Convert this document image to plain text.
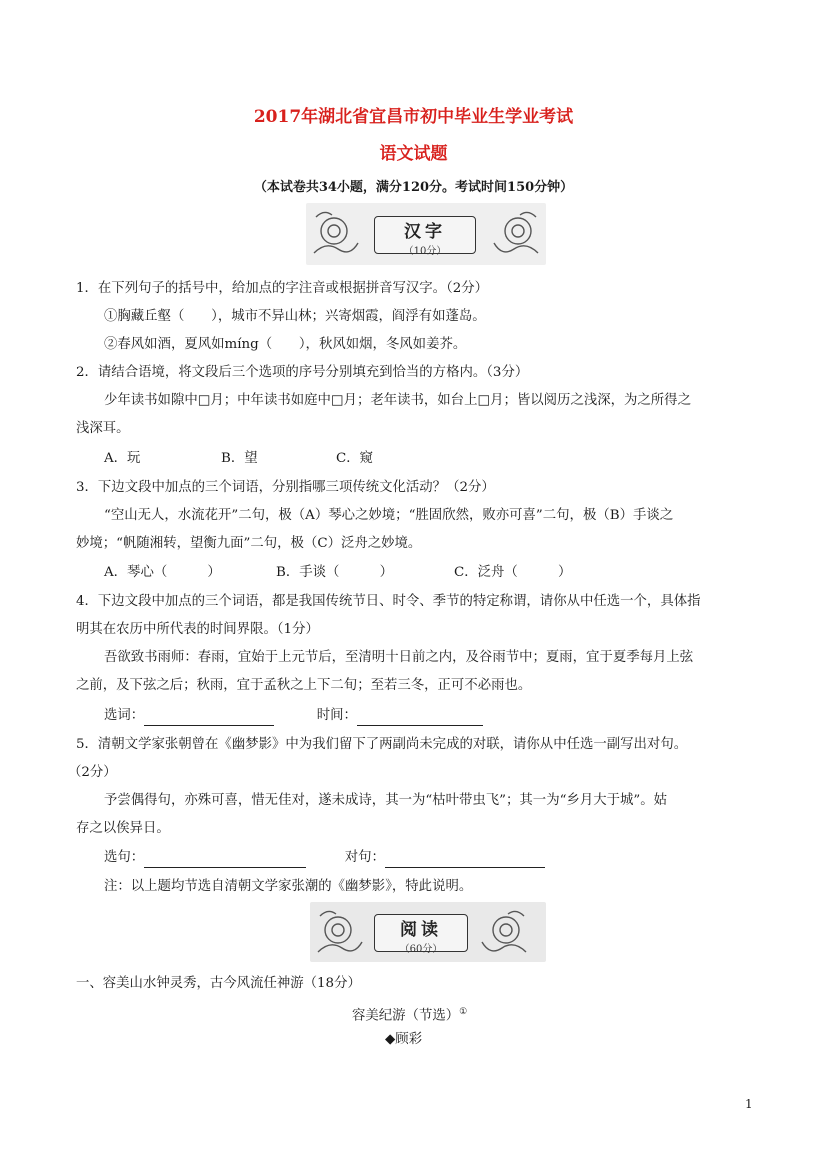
2017年湖北省宜昌市初中毕业生学业考试
语文试题
（本试卷共34小题，满分120分。考试时间150分钟）
汉字
（10分）
1．在下列句子的括号中，给加点的字注音或根据拼音写汉字。（2分）
①胸藏丘壑（　　），城市不异山林；兴寄烟霞，阎浮有如蓬岛。
②春风如酒，夏风如míng（　　），秋风如烟，冬风如姜芥。
2．请结合语境，将文段后三个选项的序号分别填充到恰当的方格内。（3分）
少年读书如隙中□月；中年读书如庭中□月；老年读书，如台上□月；皆以阅历之浅深，为之所得之
浅深耳。
A．玩	B．望	C．窥
3．下边文段中加点的三个词语，分别指哪三项传统文化活动？（2分）
“空山无人，水流花开”二句，极（A）琴心之妙境；“胜固欣然，败亦可喜”二句，极（B）手谈之
妙境；“帆随湘转，望衡九面”二句，极（C）泛舟之妙境。
A．琴心（　　　）	B．手谈（　　　）	C．泛舟（　　　）
4．下边文段中加点的三个词语，都是我国传统节日、时令、季节的特定称谓，请你从中任选一个，具体指
明其在农历中所代表的时间界限。（1分）
吾欲致书雨师：春雨，宜始于上元节后，至清明十日前之内，及谷雨节中；夏雨，宜于夏季每月上弦
之前，及下弦之后；秋雨，宜于孟秋之上下二旬；至若三冬，正可不必雨也。
选词：	时间：
5．清朝文学家张朝曾在《幽梦影》中为我们留下了两副尚未完成的对联，请你从中任选一副写出对句。
（2分）
予尝偶得句，亦殊可喜，惜无佳对，遂未成诗，其一为“枯叶带虫飞”；其一为“乡月大于城”。姑
存之以俟异日。
选句：	对句：
注：以上题均节选自清朝文学家张潮的《幽梦影》，特此说明。
阅读
（60分）
一、容美山水钟灵秀，古今风流任神游（18分）
容美纪游（节选）①
◆顾彩
1
